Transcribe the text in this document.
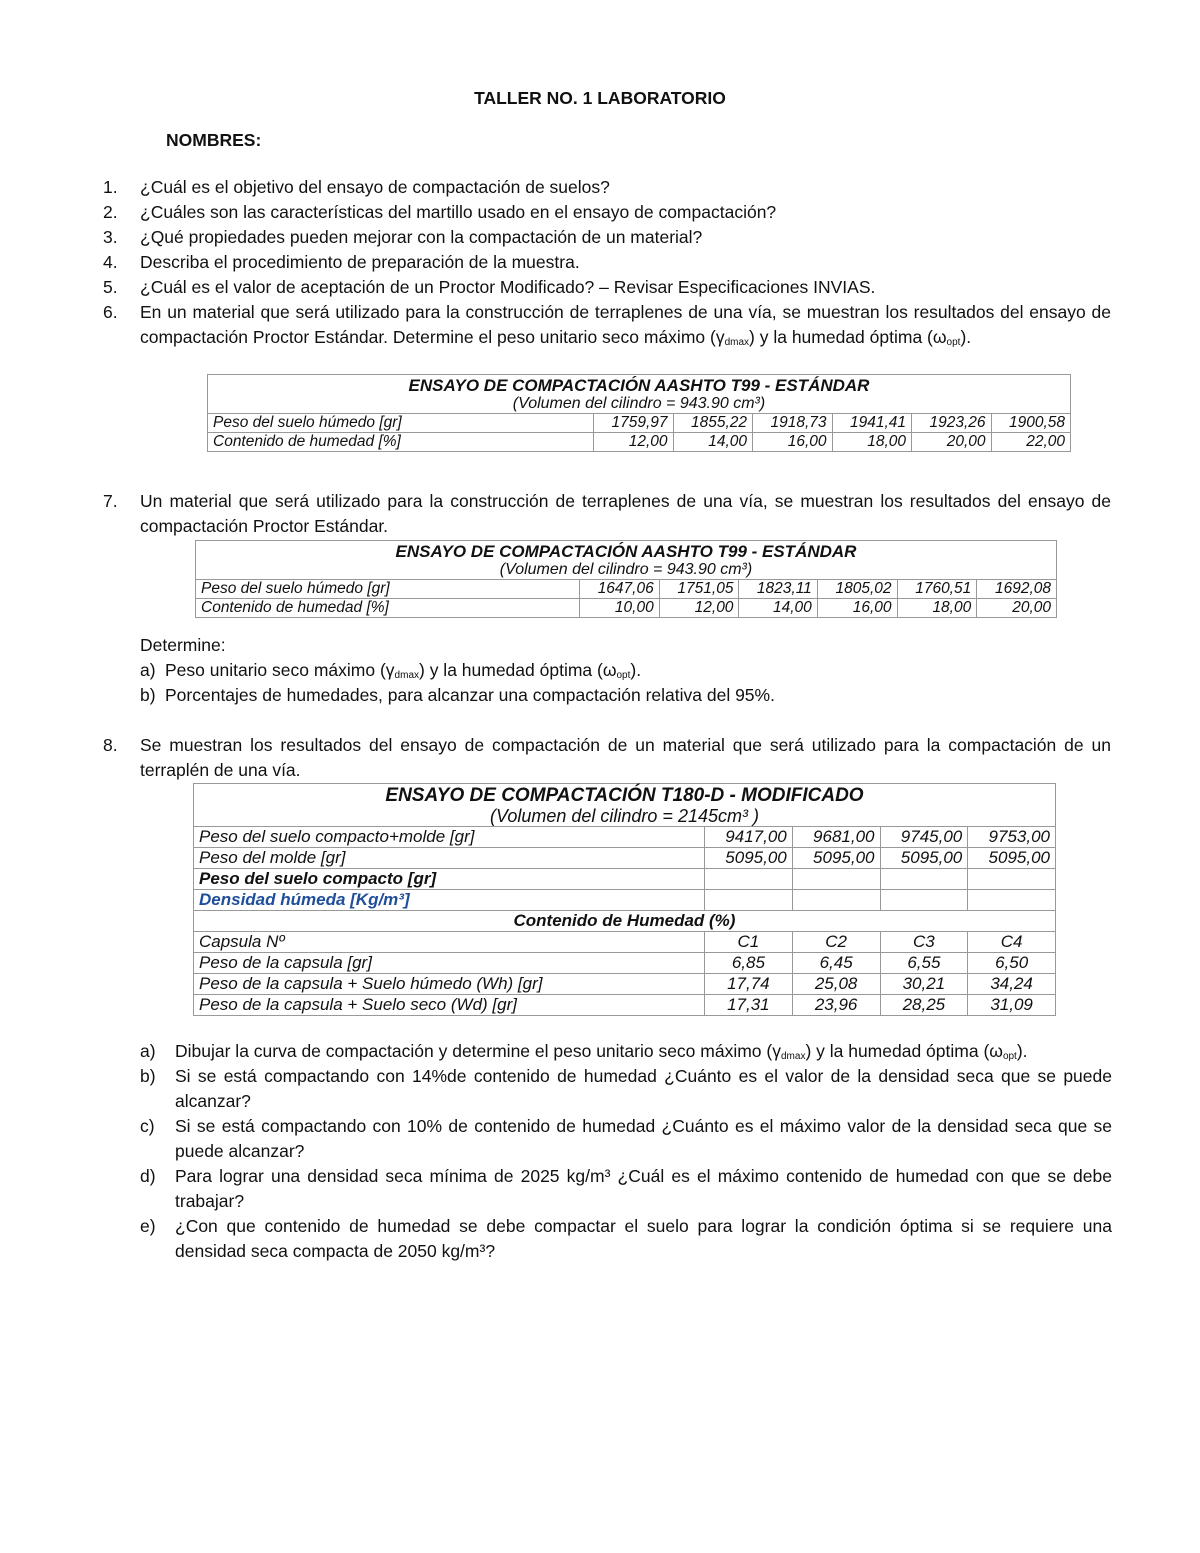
TALLER NO. 1 LABORATORIO
NOMBRES:
1.	¿Cuál es el objetivo del ensayo de compactación de suelos?
2.	¿Cuáles son las características del martillo usado en el ensayo de compactación?
3.	¿Qué propiedades pueden mejorar con la compactación de un material?
4.	Describa el procedimiento de preparación de la muestra.
5.	¿Cuál es el valor de aceptación de un Proctor Modificado? – Revisar Especificaciones INVIAS.
6.	En un material que será utilizado para la construcción de terraplenes de una vía, se muestran los resultados del ensayo de compactación Proctor Estándar. Determine el peso unitario seco máximo $(\gamma_{dmax})$ y la humedad óptima $(\omega_{opt})$.
ENSAYO DE COMPACTACIÓN AASHTO T99 - ESTÁNDAR						
(Volumen del cilindro = 943.90 cm³)						
Peso del suelo húmedo [gr]	1759,97	1855,22	1918,73	1941,41	1923,26	1900,58
Contenido de humedad [%]	12,00	14,00	16,00	18,00	20,00	22,00
7.	Un material que será utilizado para la construcción de terraplenes de una vía, se muestran los resultados del ensayo de compactación Proctor Estándar.
ENSAYO DE COMPACTACIÓN AASHTO T99 - ESTÁNDAR						
(Volumen del cilindro = 943.90 cm³)						
Peso del suelo húmedo [gr]	1647,06	1751,05	1823,11	1805,02	1760,51	1692,08
Contenido de humedad [%]	10,00	12,00	14,00	16,00	18,00	20,00
Determine:
a) Peso unitario seco máximo $(\gamma_{dmax})$ y la humedad óptima $(\omega_{opt})$.
b) Porcentajes de humedades, para alcanzar una compactación relativa del 95%.
8.	Se muestran los resultados del ensayo de compactación de un material que será utilizado para la compactación de un terraplén de una vía.
ENSAYO DE COMPACTACIÓN T180-D - MODIFICADO				
(Volumen del cilindro = 2145cm³ )				
Peso del suelo compacto+molde [gr]	9417,00	9681,00	9745,00	9753,00
Peso del molde [gr]	5095,00	5095,00	5095,00	5095,00
Peso del suelo compacto [gr]				
Densidad húmeda [Kg/m³]				
Contenido de Humedad (%)				
Capsula Nº	C1	C2	C3	C4
Peso de la capsula [gr]	6,85	6,45	6,55	6,50
Peso de la capsula + Suelo húmedo (Wh) [gr]	17,74	25,08	30,21	34,24
Peso de la capsula + Suelo seco (Wd) [gr]	17,31	23,96	28,25	31,09
a)	Dibujar la curva de compactación y determine el peso unitario seco máximo $(\gamma_{dmax})$ y la humedad óptima $(\omega_{opt})$.
b)	Si se está compactando con 14%de contenido de humedad ¿Cuánto es el valor de la densidad seca que se puede alcanzar?
c)	Si se está compactando con 10% de contenido de humedad ¿Cuánto es el máximo valor de la densidad seca que se puede alcanzar?
d)	Para lograr una densidad seca mínima de 2025 kg/m³ ¿Cuál es el máximo contenido de humedad con que se debe trabajar?
e)	¿Con que contenido de humedad se debe compactar el suelo para lograr la condición óptima si se requiere una densidad seca compacta de 2050 kg/m³?
